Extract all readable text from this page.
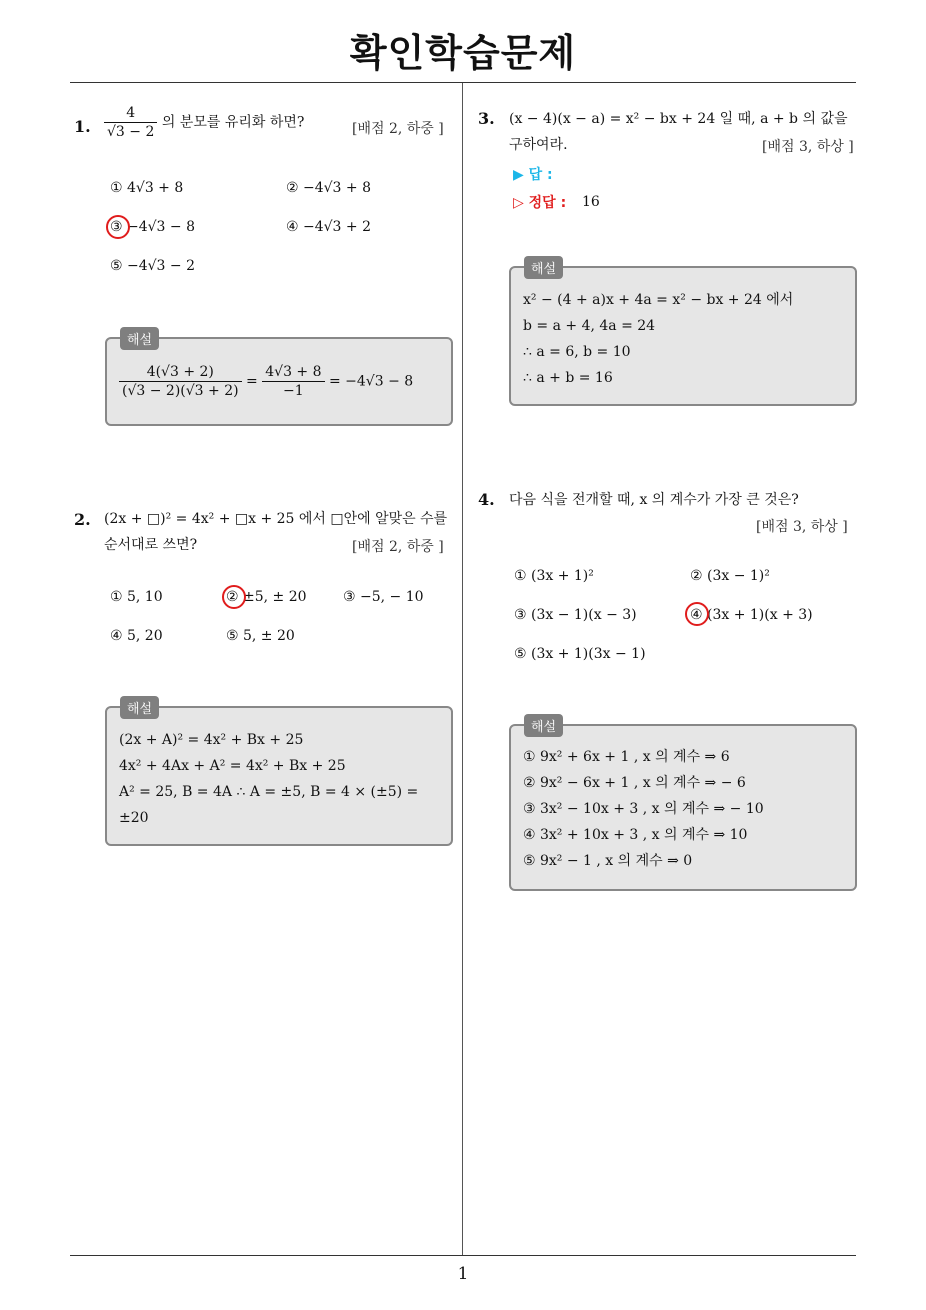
확인학습문제
1. $\frac{4}{√3 - 2}$ 의 분모를 유리화 하면?	[배점 2, 하중 ]
① 4√3 + 8	② −4√3 + 8
③ −4√3 − 8	④ −4√3 + 2
⑤ −4√3 − 2
$\frac{4(√3 + 2)}{(√3 - 2)(√3 + 2)} = \frac{4√3 + 8}{-1} = -4√3 - 8$
해설
2. (2x + □)² = 4x² + □x + 25 에서 □안에 알맞은 수를
순서대로 쓰면?	[배점 2, 하중 ]
① 5, 10	② ±5, ± 20	③ −5, − 10
④ 5, 20	⑤ 5, ± 20
(2x + A)² = 4x² + Bx + 25
4x² + 4Ax + A² = 4x² + Bx + 25
A² = 25, B = 4A ∴ A = ±5, B = 4 × (±5) =
±20
해설
3. (x − 4)(x − a) = x² − bx + 24 일 때, a + b 의 값을
구하여라.	[배점 3, 하상 ]
▶ 답 :
▷ 정답 : 16
x² − (4 + a)x + 4a = x² − bx + 24 에서
b = a + 4, 4a = 24
∴ a = 6, b = 10
∴ a + b = 16
해설
4. 다음 식을 전개할 때, x 의 계수가 가장 큰 것은?
[배점 3, 하상 ]
① (3x + 1)²	② (3x − 1)²
③ (3x − 1)(x − 3)	④ (3x + 1)(x + 3)
⑤ (3x + 1)(3x − 1)
① 9x² + 6x + 1 , x 의 계수 ⇒ 6
② 9x² − 6x + 1 , x 의 계수 ⇒ − 6
③ 3x² − 10x + 3 , x 의 계수 ⇒ − 10
④ 3x² + 10x + 3 , x 의 계수 ⇒ 10
⑤ 9x² − 1 , x 의 계수 ⇒ 0
해설
1
